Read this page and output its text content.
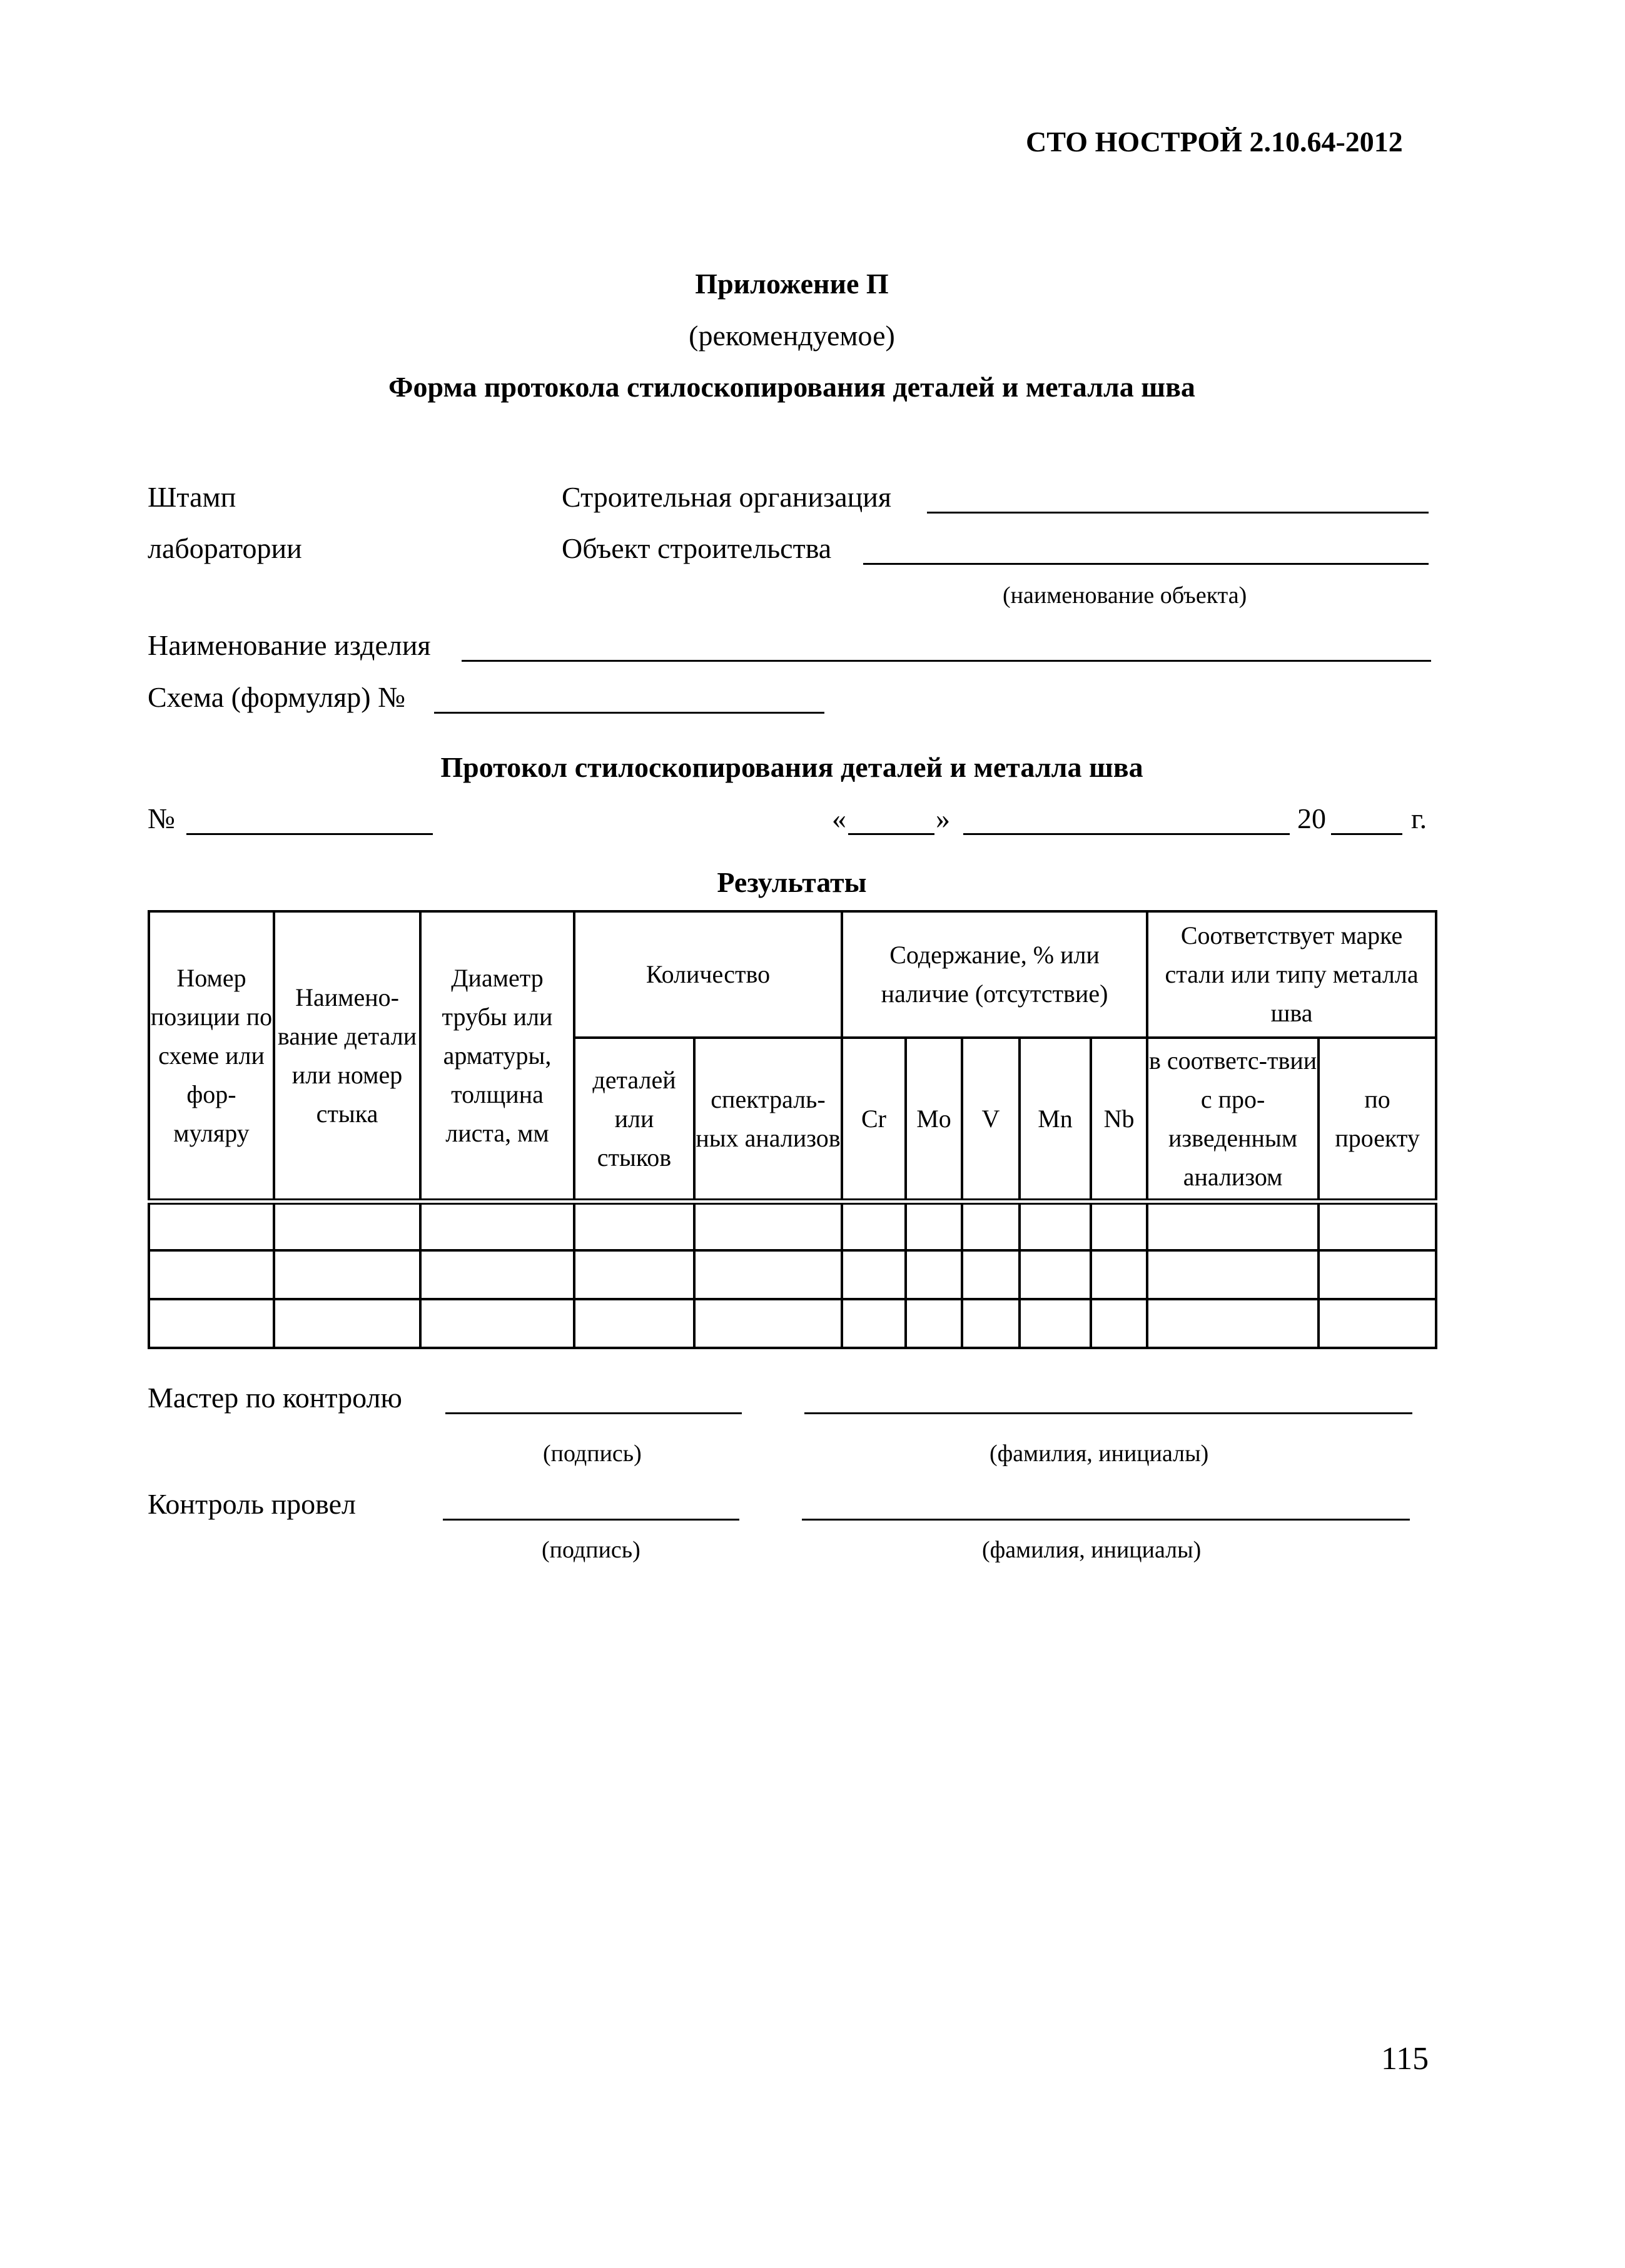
СТО НОСТРОЙ 2.10.64-2012
Приложение П
(рекомендуемое)
Форма протокола стилоскопирования деталей и металла шва
Штамп
лаборатории
Строительная организация
Объект строительства
(наименование объекта)
Наименование изделия
Схема (формуляр) №
Протокол стилоскопирования деталей и металла шва
№	«	»	20	г.
Результаты
Номер позиции по схеме или фор-муляру	Наимено-вание детали или номер стыка	Диаметр трубы или арматуры, толщина листа, мм	Количество		Содержание, % или наличие (отсутствие)					Соответствует марке стали или типу металла шва	
			деталей или стыков	спектраль-ных анализов	Cr	Mo	V	Mn	Nb	в соответс-твии с про-изведенным анализом	по проекту

Мастер по контролю
(подпись)	(фамилия, инициалы)
Контроль провел
(подпись)	(фамилия, инициалы)
115
